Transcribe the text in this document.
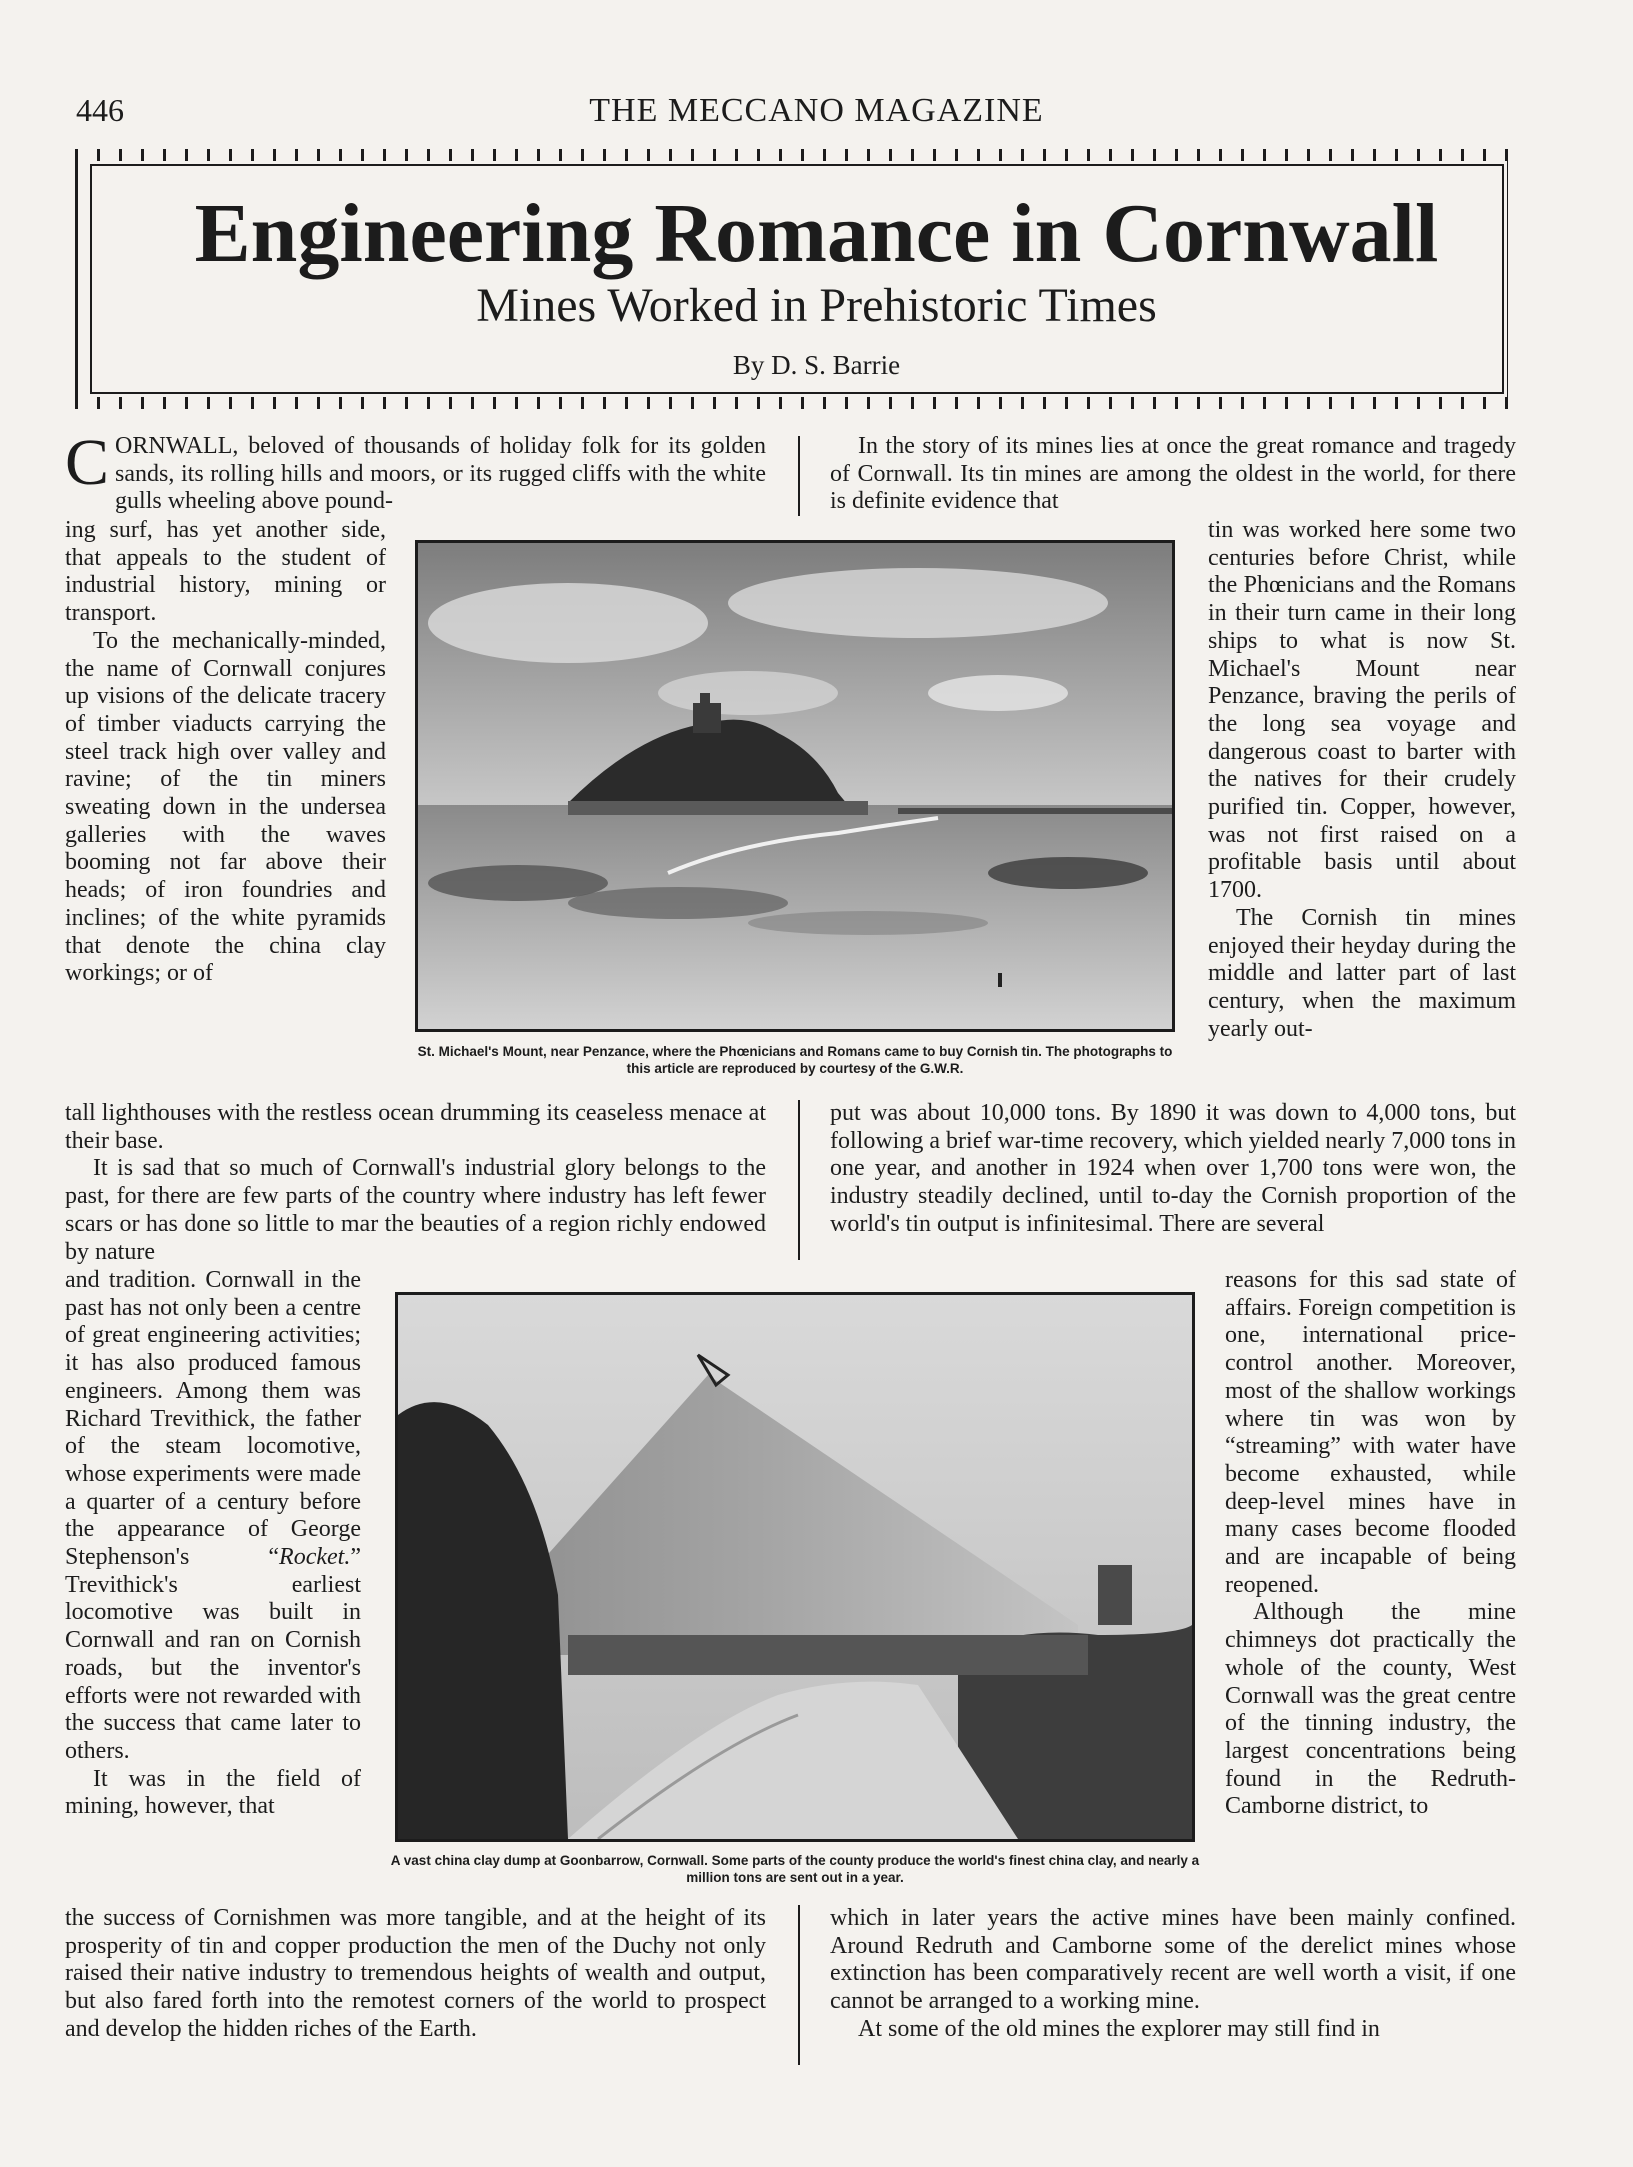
446	THE MECCANO MAGAZINE
Engineering Romance in Cornwall
Mines Worked in Prehistoric Times
By D. S. Barrie

CORNWALL, beloved of thousands of holiday folk for its golden sands, its rolling hills and moors, or its rugged cliffs with the white gulls wheeling above pound-

ing surf, has yet another side, that appeals to the student of industrial history, mining or transport.

To the mechanically-minded, the name of Cornwall conjures up visions of the delicate tracery of timber viaducts carrying the steel track high over valley and ravine; of the tin miners sweating down in the undersea galleries with the waves booming not far above their heads; of iron foundries and inclines; of the white pyramids that denote the china clay workings; or of

tall lighthouses with the restless ocean drumming its ceaseless menace at their base.

It is sad that so much of Cornwall's industrial glory belongs to the past, for there are few parts of the country where industry has left fewer scars or has done so little to mar the beauties of a region richly endowed by nature

and tradition. Cornwall in the past has not only been a centre of great engineering activities; it has also produced famous engineers. Among them was Richard Trevithick, the father of the steam locomotive, whose experiments were made a quarter of a century before the appearance of George Stephenson's “Rocket.” Trevithick's earliest locomotive was built in Cornwall and ran on Cornish roads, but the inventor's efforts were not rewarded with the success that came later to others.

It was in the field of mining, however, that

the success of Cornishmen was more tangible, and at the height of its prosperity of tin and copper production the men of the Duchy not only raised their native industry to tremendous heights of wealth and output, but also fared forth into the remotest corners of the world to prospect and develop the hidden riches of the Earth.

In the story of its mines lies at once the great romance and tragedy of Cornwall. Its tin mines are among the oldest in the world, for there is definite evidence that

tin was worked here some two centuries before Christ, while the Phœnicians and the Romans in their turn came in their long ships to what is now St. Michael's Mount near Penzance, braving the perils of the long sea voyage and dangerous coast to barter with the natives for their crudely purified tin. Copper, however, was not first raised on a profitable basis until about 1700.

The Cornish tin mines enjoyed their heyday during the middle and latter part of last century, when the maximum yearly out-

put was about 10,000 tons. By 1890 it was down to 4,000 tons, but following a brief war-time recovery, which yielded nearly 7,000 tons in one year, and another in 1924 when over 1,700 tons were won, the industry steadily declined, until to-day the Cornish proportion of the world's tin output is infinitesimal. There are several

reasons for this sad state of affairs. Foreign competition is one, international price-control another. Moreover, most of the shallow workings where tin was won by “streaming” with water have become exhausted, while deep-level mines have in many cases become flooded and are incapable of being reopened.

Although the mine chimneys dot practically the whole of the county, West Cornwall was the great centre of the tinning industry, the largest concentrations being found in the Redruth-Camborne district, to

which in later years the active mines have been mainly confined. Around Redruth and Camborne some of the derelict mines whose extinction has been comparatively recent are well worth a visit, if one cannot be arranged to a working mine.

At some of the old mines the explorer may still find in

St. Michael's Mount, near Penzance, where the Phœnicians and Romans came to buy Cornish tin. The photographs to this article are reproduced by courtesy of the G.W.R.
A vast china clay dump at Goonbarrow, Cornwall. Some parts of the county produce the world's finest china clay, and nearly a million tons are sent out in a year.
